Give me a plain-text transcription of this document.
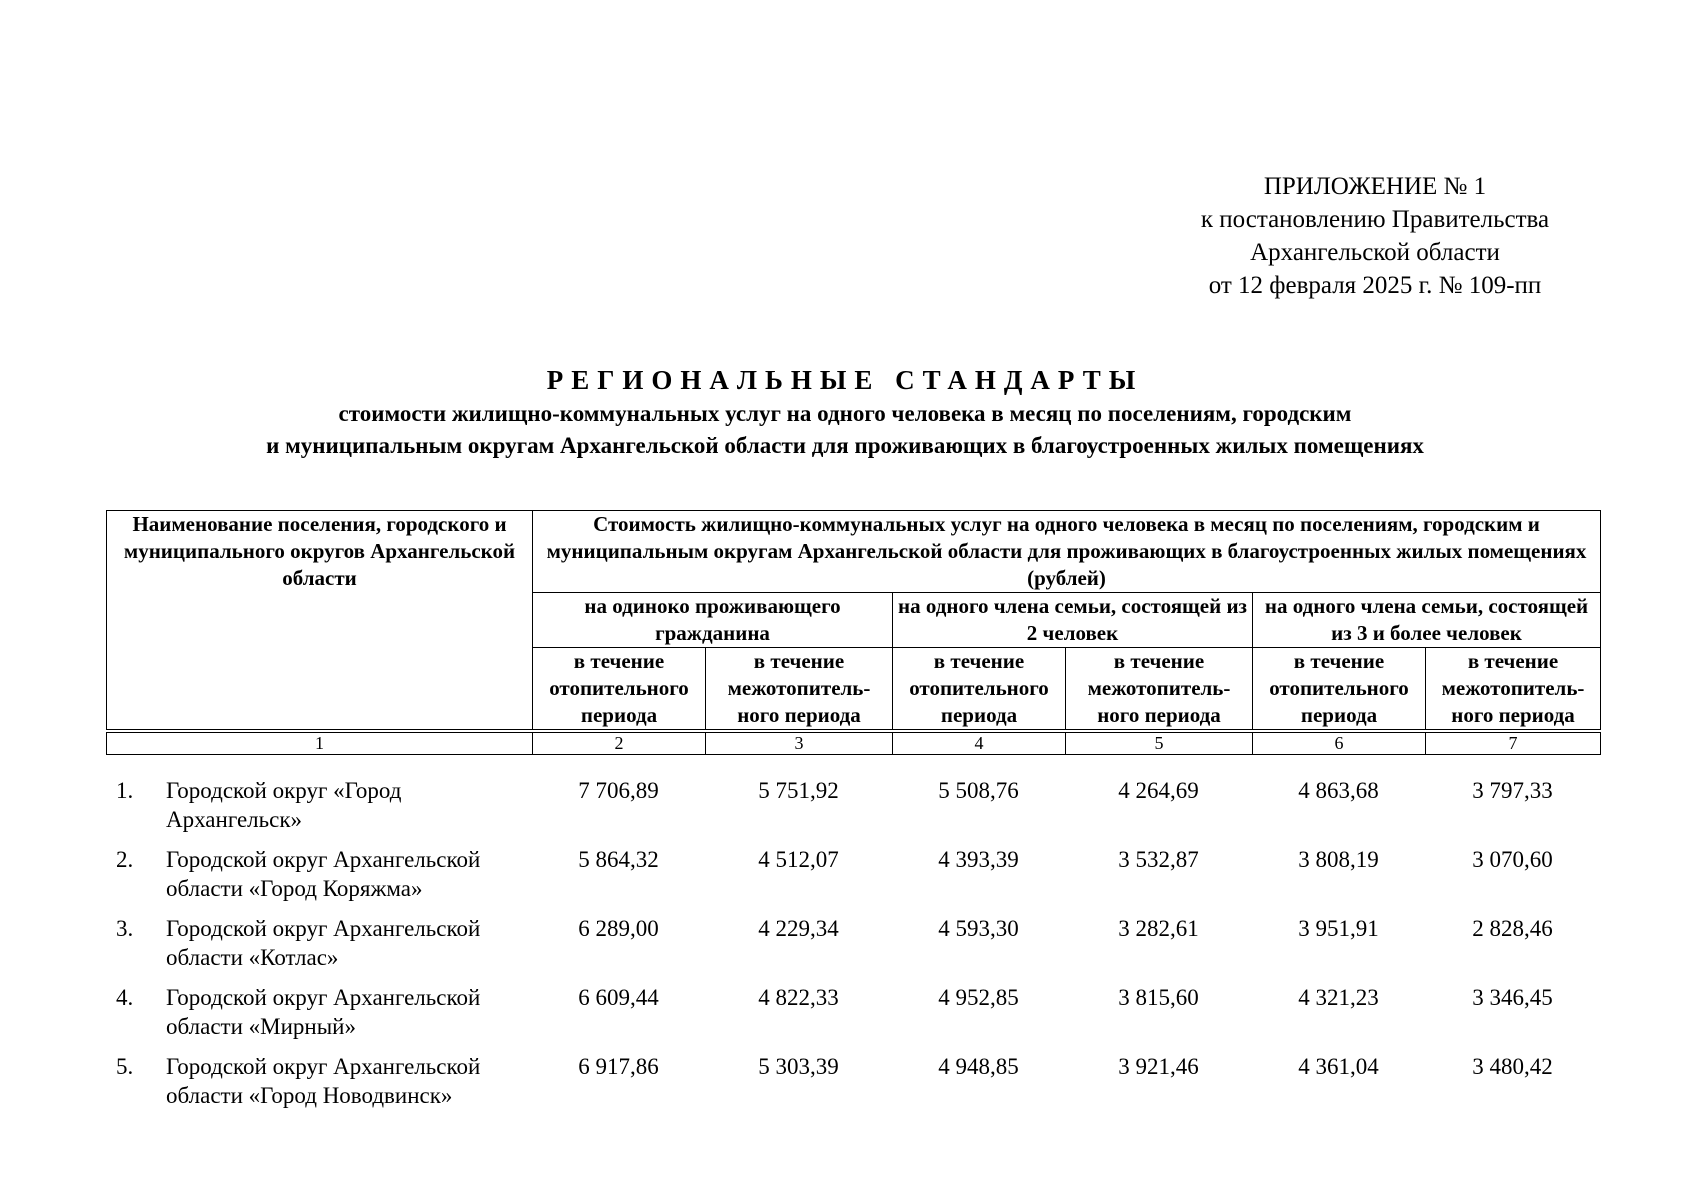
ПРИЛОЖЕНИЕ № 1
к постановлению Правительства
Архангельской области
от 12 февраля 2025 г. № 109-пп
РЕГИОНАЛЬНЫЕ СТАНДАРТЫ
стоимости жилищно-коммунальных услуг на одного человека в месяц по поселениям, городским
и муниципальным округам Архангельской области для проживающих в благоустроенных жилых помещениях
Наименование поселения, городского и муниципального округов Архангельской области	Стоимость жилищно-коммунальных услуг на одного человека в месяц по поселениям, городским и муниципальным округам Архангельской области для проживающих в благоустроенных жилых помещениях (рублей)					
	на одиноко проживающего гражданина		на одного члена семьи, состоящей из 2 человек		на одного члена семьи, состоящей из 3 и более человек	
	в течение отопительного периода	в течение межотопитель-ного периода	в течение отопительного периода	в течение межотопитель-ного периода	в течение отопительного периода	в течение межотопитель-ного периода

1	2	3	4	5	6	7
1.	Городской округ «Город Архангельск»	7 706,89	5 751,92	5 508,76	4 264,69	4 863,68	3 797,33
2.	Городской округ Архангельской области «Город Коряжма»	5 864,32	4 512,07	4 393,39	3 532,87	3 808,19	3 070,60
3.	Городской округ Архангельской области «Котлас»	6 289,00	4 229,34	4 593,30	3 282,61	3 951,91	2 828,46
4.	Городской округ Архангельской области «Мирный»	6 609,44	4 822,33	4 952,85	3 815,60	4 321,23	3 346,45
5.	Городской округ Архангельской области «Город Новодвинск»	6 917,86	5 303,39	4 948,85	3 921,46	4 361,04	3 480,42
